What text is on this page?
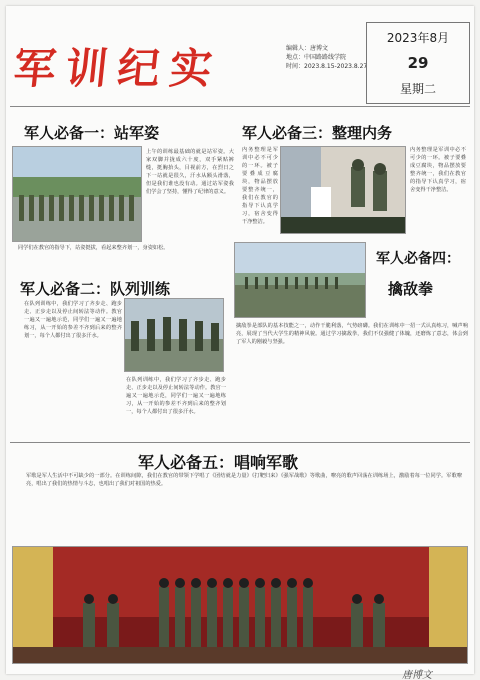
军训纪实	编辑人：唐博文
地点：中国路路线学院
时间：2023.8.15-2023.8.27
2023年8月
29
星期二
军人必备一：站军姿
上午的训练最基础的就是站军姿。大家双脚并拢成六十度，双手紧贴裤缝，挺胸抬头，目视前方，在烈日之下一站就是很久，汗水从额头滑落，但是我们谁也没有动。通过站军姿我们学会了坚持，懂得了纪律的意义。
同学们在教官的指导下，站姿挺拔，看起来整齐划一，身姿如松。
军人必备三：整理内务
内务整理是军训中必不可少的一环。被子要叠成豆腐块，物品摆放要整齐统一，我们在教官的指导下认真学习，宿舍变得干净整洁。
内务整理是军训中必不可少的一环。被子要叠成豆腐块，物品摆放要整齐统一，我们在教官的指导下认真学习，宿舍变得干净整洁。
军人必备四：
擒敌拳
擒敌拳是部队的基本技能之一，动作干脆利落，气势磅礴。我们在训练中一招一式认真练习，喊声响亮，展现了当代大学生的精神风貌。通过学习擒敌拳，我们不仅强健了体魄，还磨炼了意志，体会到了军人的刚毅与坚强。
军人必备二：队列训练
在队列训练中，我们学习了齐步走、跑步走、正步走以及停止间转法等动作。教官一遍又一遍地示范，同学们一遍又一遍地练习，从一开始的参差不齐到后来的整齐划一，每个人都付出了很多汗水。
在队列训练中，我们学习了齐步走、跑步走、正步走以及停止间转法等动作。教官一遍又一遍地示范，同学们一遍又一遍地练习，从一开始的参差不齐到后来的整齐划一，每个人都付出了很多汗水。
军人必备五：唱响军歌
军歌是军人生活中不可缺少的一部分。在训练间隙，我们在教官的带领下学唱了《团结就是力量》《打靶归来》《强军战歌》等歌曲，嘹亮的歌声回荡在训练场上，激励着每一位同学。军歌嘹亮，唱出了我们的热情与斗志，也唱出了我们对祖国的热爱。
唐博文
